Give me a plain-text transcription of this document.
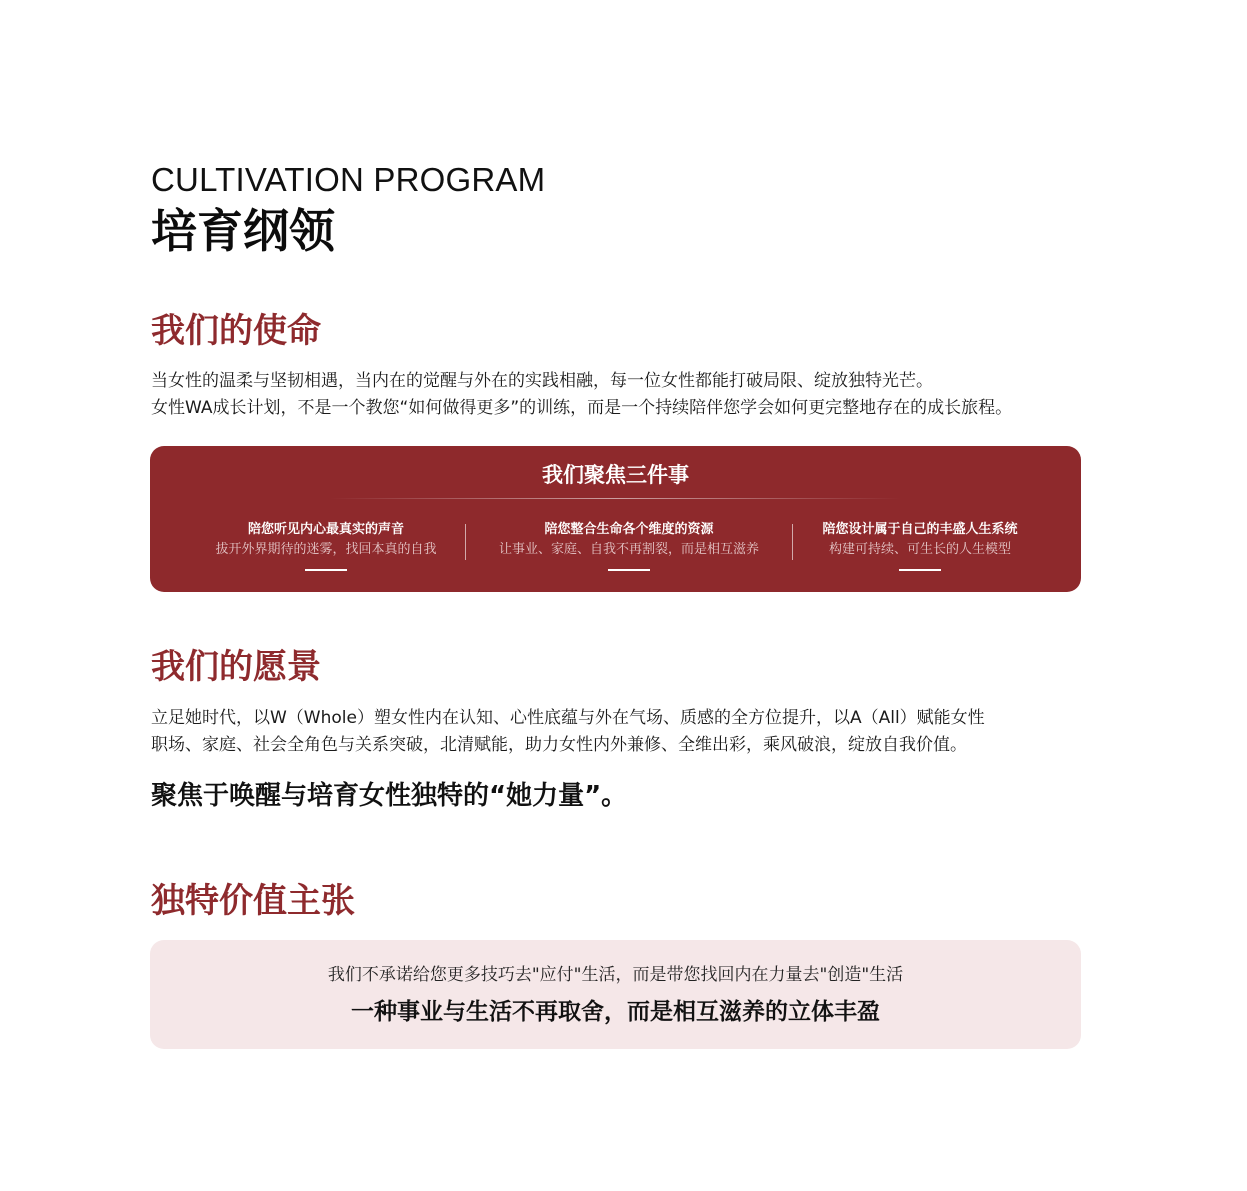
CULTIVATION PROGRAM
培育纲领
我们的使命
当女性的温柔与坚韧相遇，当内在的觉醒与外在的实践相融，每一位女性都能打破局限、绽放独特光芒。
女性WA成长计划，不是一个教您“如何做得更多”的训练，而是一个持续陪伴您学会如何更完整地存在的成长旅程。
我们聚焦三件事
陪您听见内心最真实的声音
拔开外界期待的迷雾，找回本真的自我
陪您整合生命各个维度的资源
让事业、家庭、自我不再割裂，而是相互滋养
陪您设计属于自己的丰盛人生系统
构建可持续、可生长的人生模型
我们的愿景
立足她时代，以W（Whole）塑女性内在认知、心性底蕴与外在气场、质感的全方位提升，以A（All）赋能女性
职场、家庭、社会全角色与关系突破，北清赋能，助力女性内外兼修、全维出彩，乘风破浪，绽放自我价值。
聚焦于唤醒与培育女性独特的“她力量”。
独特价值主张
我们不承诺给您更多技巧去"应付"生活，而是带您找回内在力量去"创造"生活
一种事业与生活不再取舍，而是相互滋养的立体丰盈
